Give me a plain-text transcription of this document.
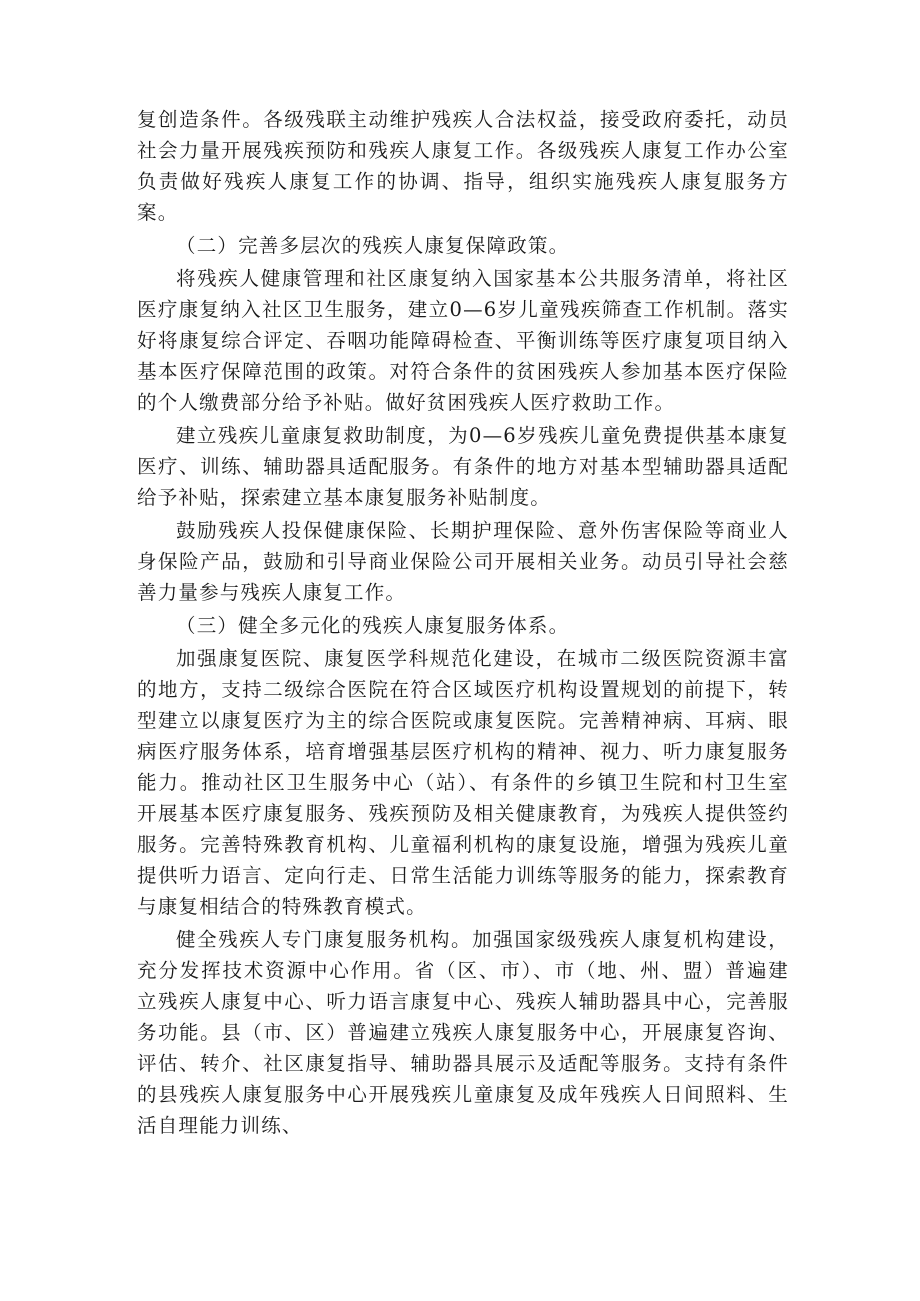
复创造条件。各级残联主动维护残疾人合法权益，接受政府委托，动员社会力量开展残疾预防和残疾人康复工作。各级残疾人康复工作办公室负责做好残疾人康复工作的协调、指导，组织实施残疾人康复服务方案。

（二）完善多层次的残疾人康复保障政策。

将残疾人健康管理和社区康复纳入国家基本公共服务清单，将社区医疗康复纳入社区卫生服务，建立0—6岁儿童残疾筛查工作机制。落实好将康复综合评定、吞咽功能障碍检查、平衡训练等医疗康复项目纳入基本医疗保障范围的政策。对符合条件的贫困残疾人参加基本医疗保险的个人缴费部分给予补贴。做好贫困残疾人医疗救助工作。

建立残疾儿童康复救助制度，为0—6岁残疾儿童免费提供基本康复医疗、训练、辅助器具适配服务。有条件的地方对基本型辅助器具适配给予补贴，探索建立基本康复服务补贴制度。

鼓励残疾人投保健康保险、长期护理保险、意外伤害保险等商业人身保险产品，鼓励和引导商业保险公司开展相关业务。动员引导社会慈善力量参与残疾人康复工作。

（三）健全多元化的残疾人康复服务体系。

加强康复医院、康复医学科规范化建设，在城市二级医院资源丰富的地方，支持二级综合医院在符合区域医疗机构设置规划的前提下，转型建立以康复医疗为主的综合医院或康复医院。完善精神病、耳病、眼病医疗服务体系，培育增强基层医疗机构的精神、视力、听力康复服务能力。推动社区卫生服务中心（站）、有条件的乡镇卫生院和村卫生室开展基本医疗康复服务、残疾预防及相关健康教育，为残疾人提供签约服务。完善特殊教育机构、儿童福利机构的康复设施，增强为残疾儿童提供听力语言、定向行走、日常生活能力训练等服务的能力，探索教育与康复相结合的特殊教育模式。

健全残疾人专门康复服务机构。加强国家级残疾人康复机构建设，充分发挥技术资源中心作用。省（区、市）、市（地、州、盟）普遍建立残疾人康复中心、听力语言康复中心、残疾人辅助器具中心，完善服务功能。县（市、区）普遍建立残疾人康复服务中心，开展康复咨询、评估、转介、社区康复指导、辅助器具展示及适配等服务。支持有条件的县残疾人康复服务中心开展残疾儿童康复及成年残疾人日间照料、生活自理能力训练、
